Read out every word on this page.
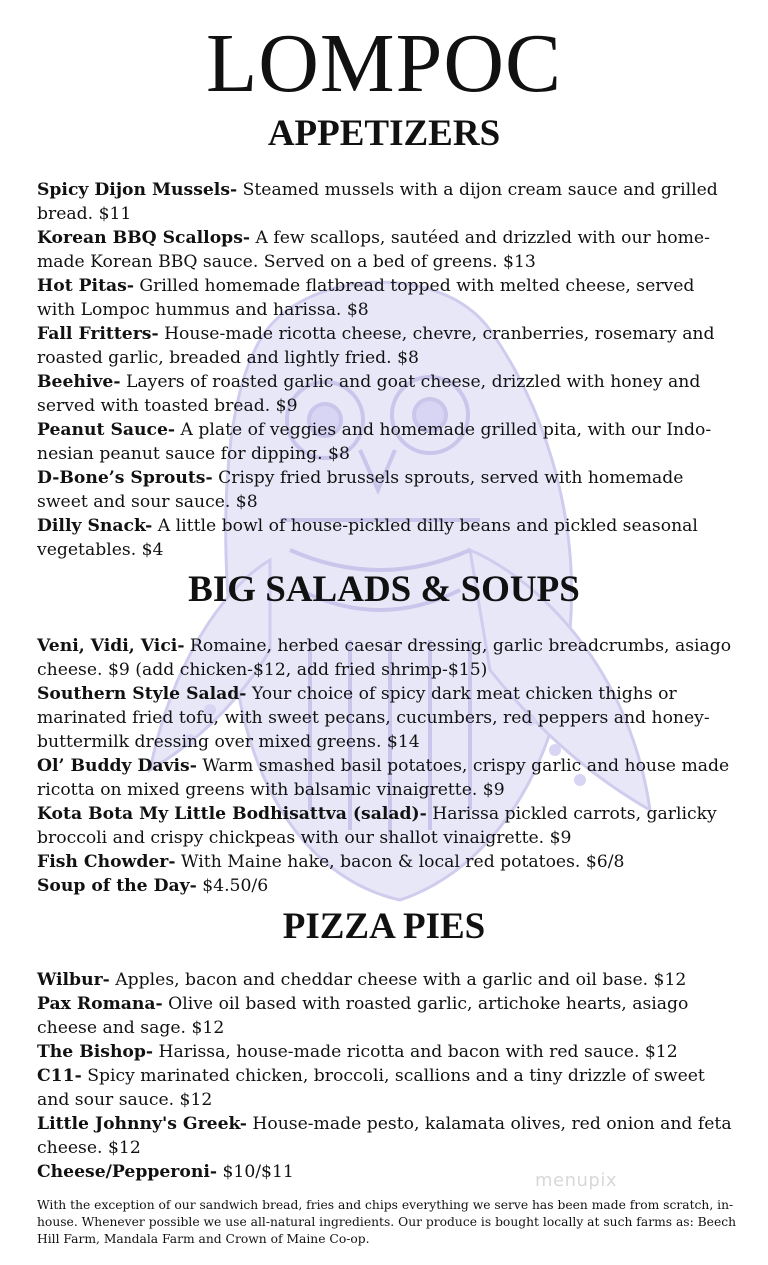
LOMPOC
APPETIZERS

Spicy Dijon Mussels- Steamed mussels with a dijon cream sauce and grilled bread. $11

Korean BBQ Scallops- A few scallops, sautéed and drizzled with our home-made Korean BBQ sauce. Served on a bed of greens. $13

Hot Pitas- Grilled homemade flatbread topped with melted cheese, served with Lompoc hummus and harissa. $8

Fall Fritters- House-made ricotta cheese, chevre, cranberries, rosemary and roasted garlic, breaded and lightly fried. $8

Beehive- Layers of roasted garlic and goat cheese, drizzled with honey and served with toasted bread. $9

Peanut Sauce- A plate of veggies and homemade grilled pita, with our Indo-nesian peanut sauce for dipping. $8

D-Bone’s Sprouts- Crispy fried brussels sprouts, served with homemade sweet and sour sauce. $8

Dilly Snack- A little bowl of house-pickled dilly beans and pickled seasonal vegetables. $4

BIG SALADS & SOUPS

Veni, Vidi, Vici- Romaine, herbed caesar dressing, garlic breadcrumbs, asiago cheese. $9 (add chicken-$12, add fried shrimp-$15)

Southern Style Salad- Your choice of spicy dark meat chicken thighs or marinated fried tofu, with sweet pecans, cucumbers, red peppers and honey-buttermilk dressing over mixed greens. $14

Ol’ Buddy Davis- Warm smashed basil potatoes, crispy garlic and house made ricotta on mixed greens with balsamic vinaigrette. $9

Kota Bota My Little Bodhisattva (salad)- Harissa pickled carrots, garlicky broccoli and crispy chickpeas with our shallot vinaigrette. $9

Fish Chowder- With Maine hake, bacon & local red potatoes. $6/8

Soup of the Day- $4.50/6

PIZZA PIES

Wilbur- Apples, bacon and cheddar cheese with a garlic and oil base. $12

Pax Romana- Olive oil based with roasted garlic, artichoke hearts, asiago cheese and sage. $12

The Bishop- Harissa, house-made ricotta and bacon with red sauce. $12

C11- Spicy marinated chicken, broccoli, scallions and a tiny drizzle of sweet and sour sauce. $12

Little Johnny's Greek- House-made pesto, kalamata olives, red onion and feta cheese. $12

Cheese/Pepperoni- $10/$11	menupix
With the exception of our sandwich bread, fries and chips everything we serve has been made from scratch, in-house. Whenever possible we use all-natural ingredients. Our produce is bought locally at such farms as: Beech Hill Farm, Mandala Farm and Crown of Maine Co-op.
